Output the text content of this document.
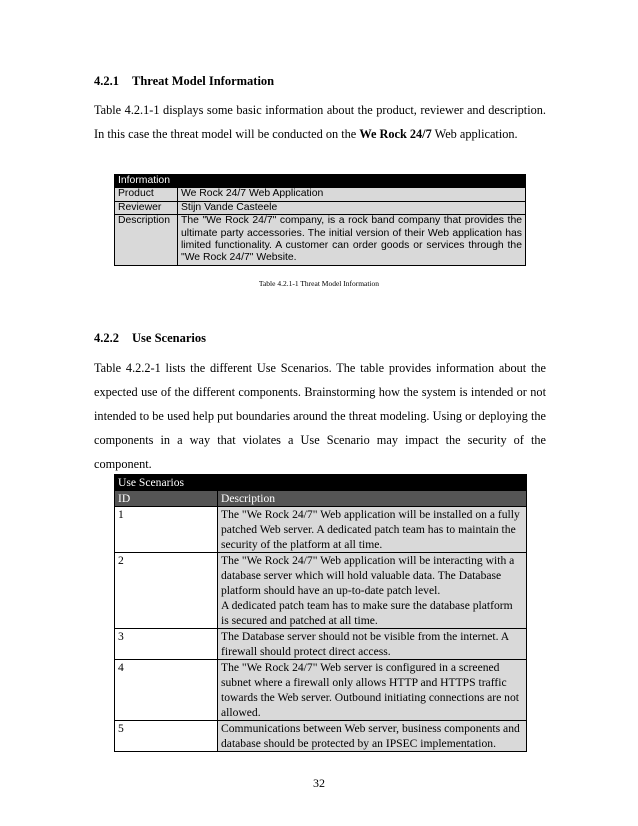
4.2.1 Threat Model Information
Table 4.2.1-1 displays some basic information about the product, reviewer and description. In this case the threat model will be conducted on the We Rock 24/7 Web application.
Information	
Product	We Rock 24/7 Web Application
Reviewer	Stijn Vande Casteele
Description	The "We Rock 24/7" company, is a rock band company that provides the ultimate party accessories. The initial version of their Web application has limited functionality. A customer can order goods or services through the "We Rock 24/7" Website.
Table 4.2.1-1 Threat Model Information
4.2.2 Use Scenarios
Table 4.2.2-1 lists the different Use Scenarios. The table provides information about the expected use of the different components. Brainstorming how the system is intended or not intended to be used help put boundaries around the threat modeling. Using or deploying the components in a way that violates a Use Scenario may impact the security of the component.
Use Scenarios	
ID	Description
1	The "We Rock 24/7" Web application will be installed on a fully patched Web server. A dedicated patch team has to maintain the security of the platform at all time.
2	The "We Rock 24/7" Web application will be interacting with a database server which will hold valuable data. The Database platform should have an up-to-date patch level.
A dedicated patch team has to make sure the database platform is secured and patched at all time.
3	The Database server should not be visible from the internet. A firewall should protect direct access.
4	The "We Rock 24/7" Web server is configured in a screened subnet where a firewall only allows HTTP and HTTPS traffic towards the Web server. Outbound initiating connections are not allowed.
5	Communications between Web server, business components and database should be protected by an IPSEC implementation.
32
